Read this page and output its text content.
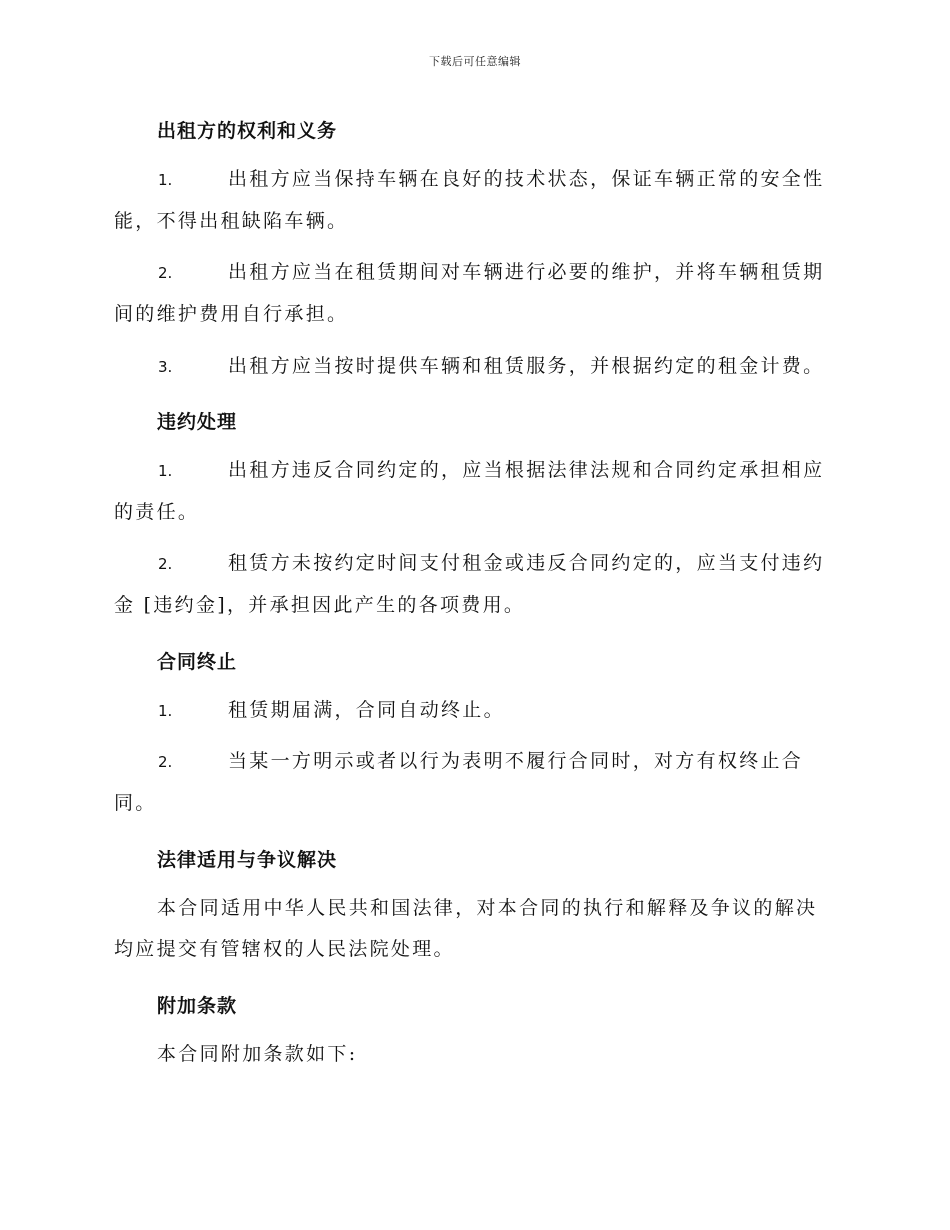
下载后可任意编辑
出租方的权利和义务
1.	出租方应当保持车辆在良好的技术状态，保证车辆正常的安全性能，不得出租缺陷车辆。
2.	出租方应当在租赁期间对车辆进行必要的维护，并将车辆租赁期间的维护费用自行承担。
3.	出租方应当按时提供车辆和租赁服务，并根据约定的租金计费。
违约处理
1.	出租方违反合同约定的，应当根据法律法规和合同约定承担相应的责任。
2.	租赁方未按约定时间支付租金或违反合同约定的，应当支付违约金 [违约金]，并承担因此产生的各项费用。
合同终止
1.	租赁期届满，合同自动终止。
2.	当某一方明示或者以行为表明不履行合同时，对方有权终止合同。
法律适用与争议解决
本合同适用中华人民共和国法律，对本合同的执行和解释及争议的解决均应提交有管辖权的人民法院处理。
附加条款
本合同附加条款如下:
